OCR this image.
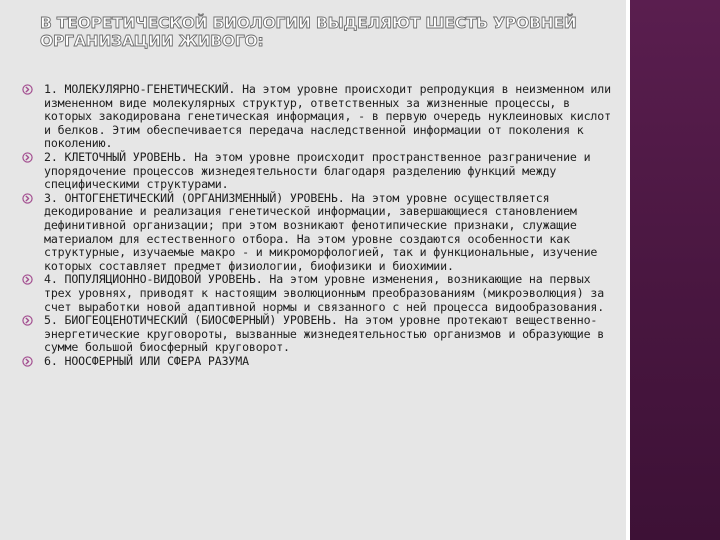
В ТЕОРЕТИЧЕСКОЙ БИОЛОГИИ ВЫДЕЛЯЮТ ШЕСТЬ УРОВНЕЙ
ОРГАНИЗАЦИИ ЖИВОГО:
1. МОЛЕКУЛЯРНО-ГЕНЕТИЧЕСКИЙ. На этом уровне происходит репродукция в неизменном или измененном виде молекулярных структур, ответственных за жизненные процессы, в которых закодирована генетическая информация, - в первую очередь нуклеиновых кислот и белков. Этим обеспечивается передача наследственной информации от поколения к поколению.
2. КЛЕТОЧНЫЙ УРОВЕНЬ. На этом уровне происходит пространственное разграничение и упорядочение процессов жизнедеятельности благодаря разделению функций между специфическими структурами.
3. ОНТОГЕНЕТИЧЕСКИЙ (ОРГАНИЗМЕННЫЙ) УРОВЕНЬ. На этом уровне осуществляется декодирование и реализация генетической информации, завершающиеся становлением дефинитивной организации; при этом возникают фенотипические признаки, служащие материалом для естественного отбора. На этом уровне создаются особенности как структурные, изучаемые макро - и микроморфологией, так и функциональные, изучение которых составляет предмет физиологии, биофизики и биохимии.
4. ПОПУЛЯЦИОННО-ВИДОВОЙ УРОВЕНЬ. На этом уровне изменения, возникающие на первых трех уровнях, приводят к настоящим эволюционным преобразованиям (микроэволюция) за счет выработки новой адаптивной нормы и связанного с ней процесса видообразования.
5. БИОГЕОЦЕНОТИЧЕСКИЙ (БИОСФЕРНЫЙ) УРОВЕНЬ. На этом уровне протекают вещественно-энергетические круговороты, вызванные жизнедеятельностью организмов и образующие в сумме большой биосферный круговорот.
6. НООСФЕРНЫЙ ИЛИ СФЕРА РАЗУМА
